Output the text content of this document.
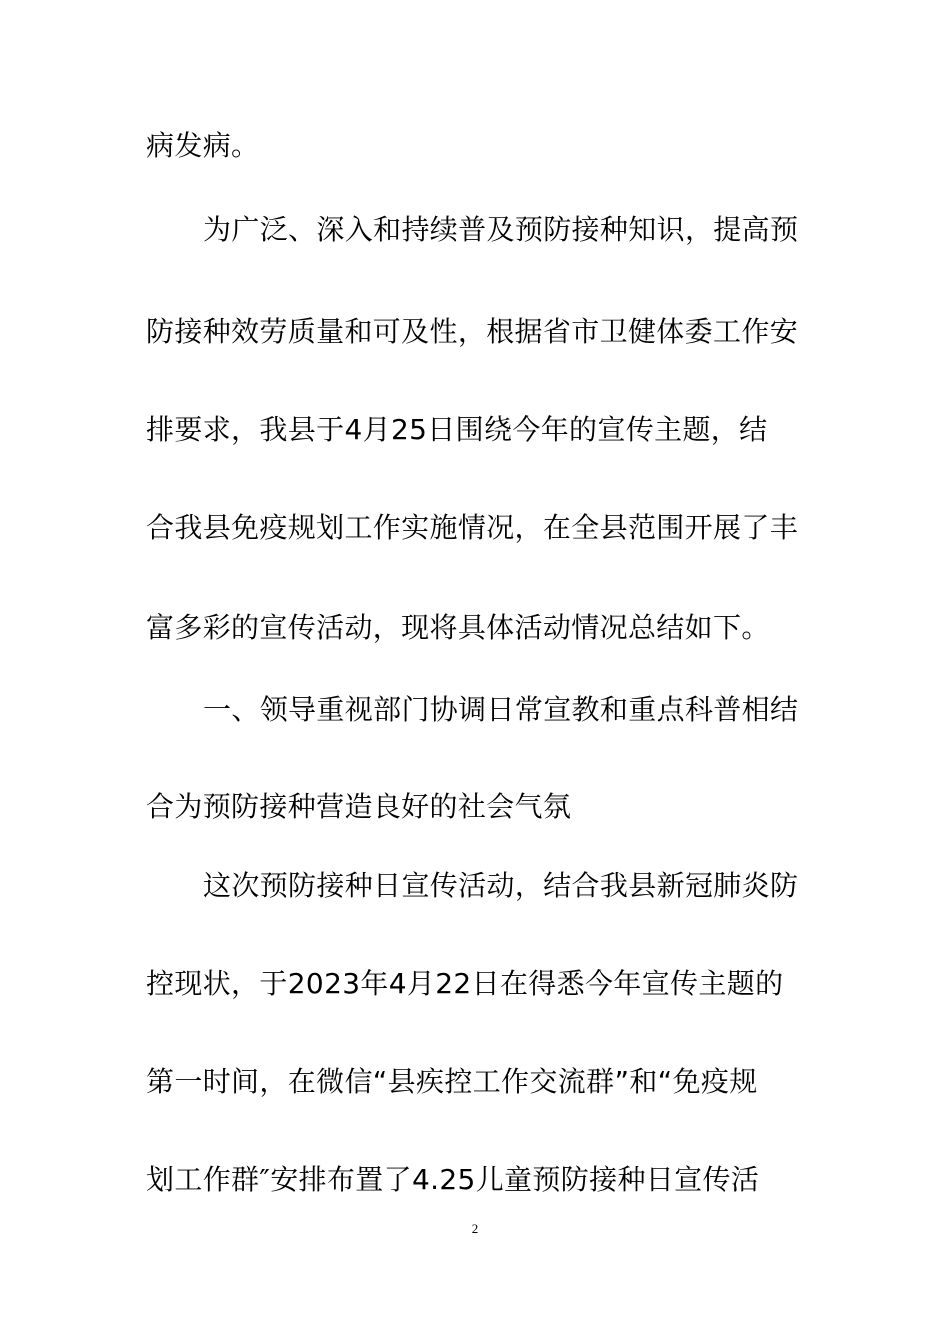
病发病。
为广泛、深入和持续普及预防接种知识，提高预
防接种效劳质量和可及性，根据省市卫健体委工作安
排要求，我县于4月25日围绕今年的宣传主题，结
合我县免疫规划工作实施情况，在全县范围开展了丰
富多彩的宣传活动，现将具体活动情况总结如下。
一、领导重视部门协调日常宣教和重点科普相结
合为预防接种营造良好的社会气氛
这次预防接种日宣传活动，结合我县新冠肺炎防
控现状，于2023年4月22日在得悉今年宣传主题的
第一时间，在微信“县疾控工作交流群”和“免疫规
划工作群″安排布置了4.25儿童预防接种日宣传活
2
